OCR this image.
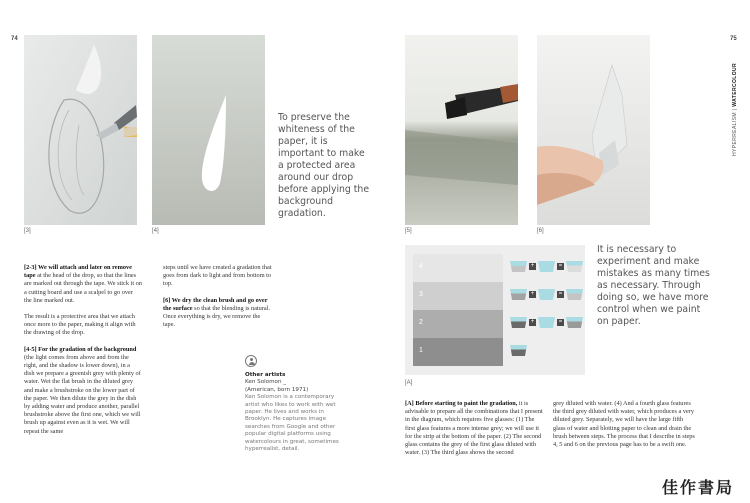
74
[3]	[4]
To preserve the whiteness of the paper, it is important to make a protected area around our drop before applying the background gradation.

[2-3] We will attach and later on remove tape at the head of the drop, so that the lines are marked out through the tape. We stick it on a cutting board and use a scalpel to go over the line marked out.

The result is a protective area that we attach once more to the paper, making it align with the drawing of the drop.

[4-5] For the gradation of the background (the light comes from above and from the right, and the shadow is lower down), in a dish we prepare a greenish grey with plenty of water. Wet the flat brush in the diluted grey and make a brushstroke on the lower part of the paper. We then dilute the grey in the dish by adding water and produce another, parallel brushstroke above the first one, which we will brush up against even as it is wet. We will repeat the same

steps until we have created a gradation that goes from dark to light and from bottom to top.

[6] We dry the clean brush and go over the surface so that the blending is natural. Once everything is dry, we remove the tape.

Other artists
Ken Solomon _
(American, born 1971)
Ken Solomon is a contemporary artist who likes to work with wet paper. He lives and works in Brooklyn. He captures image searches from Google and other popular digital platforms using watercolours in great, sometimes hyperrealist, detail.
75
HYPERREALISM | WATERCOLOUR
[5]	[6]
It is necessary to experiment and make mistakes as many times as necessary. Through doing so, we have more control when we paint on paper.
4
3
2
1
+	=
+	=
+	=
[A]

[A] Before starting to paint the gradation, it is advisable to prepare all the combinations that I present in the diagram, which requires five glasses: (1) The first glass features a more intense grey; we will use it for the strip at the bottom of the paper. (2) The second glass contains the grey of the first glass diluted with water. (3) The third glass shows the second

grey diluted with water. (4) And a fourth glass features the third grey diluted with water, which produces a very diluted grey. Separately, we will have the large fifth glass of water and blotting paper to clean and drain the brush between steps. The process that I describe in steps 4, 5 and 6 on the previous page has to be a swift one.

佳作書局
